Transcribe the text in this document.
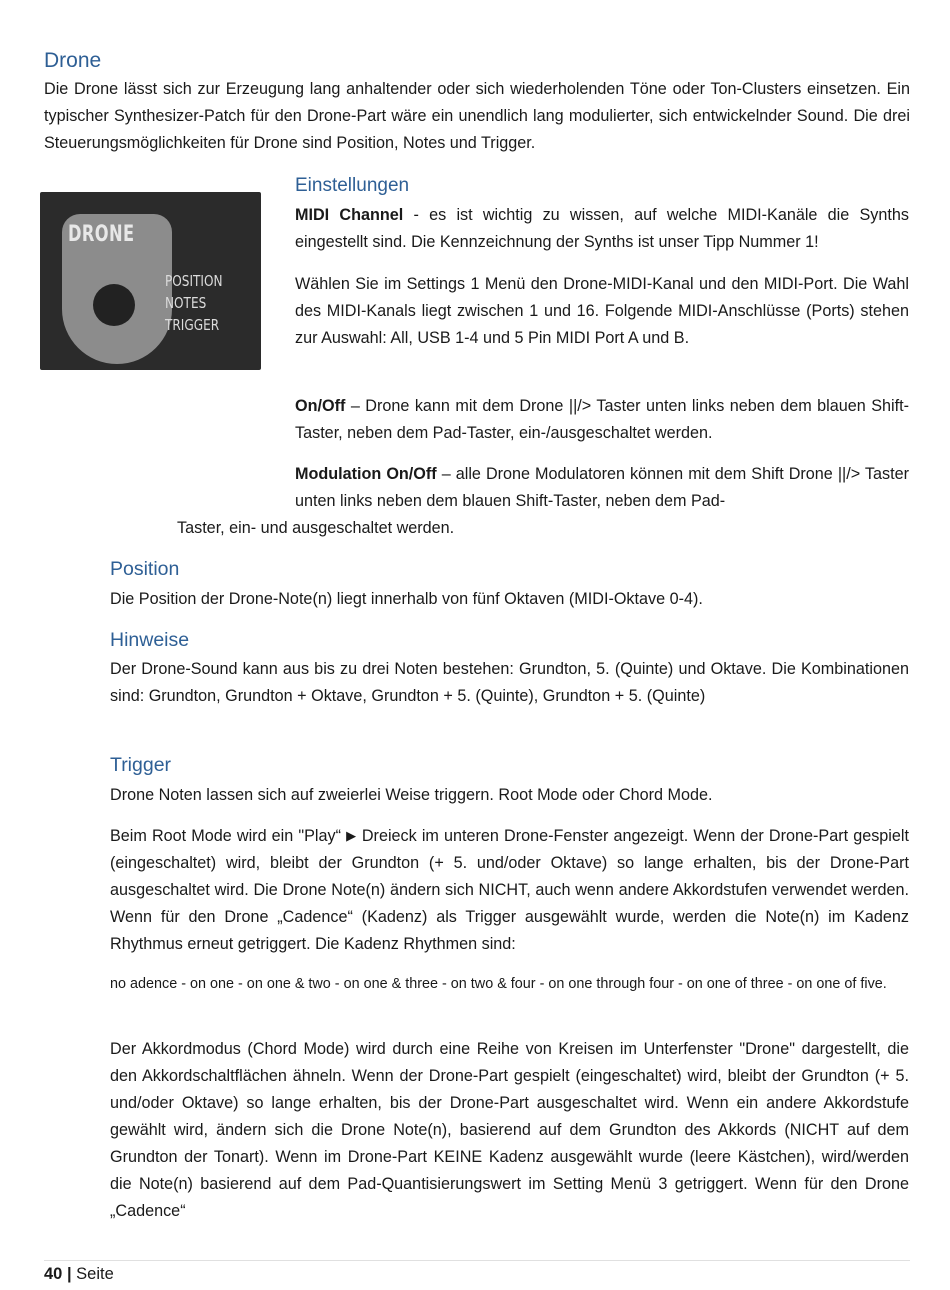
Drone

Die Drone lässt sich zur Erzeugung lang anhaltender oder sich wiederholenden Töne oder Ton-Clusters einsetzen. Ein typischer Synthesizer-Patch für den Drone-Part wäre ein unendlich lang modulierter, sich entwickelnder Sound. Die drei Steuerungsmöglichkeiten für Drone sind Position, Notes und Trigger.

DRONE
POSITION
NOTES
TRIGGER
Einstellungen

MIDI Channel - es ist wichtig zu wissen, auf welche MIDI-Kanäle die Synths eingestellt sind. Die Kennzeichnung der Synths ist unser Tipp Nummer 1!

Wählen Sie im Settings 1 Menü den Drone-MIDI-Kanal und den MIDI-Port. Die Wahl des MIDI-Kanals liegt zwischen 1 und 16. Folgende MIDI-Anschlüsse (Ports) stehen zur Auswahl: All, USB 1-4 und 5 Pin MIDI Port A und B.

On/Off – Drone kann mit dem Drone ||/> Taster unten links neben dem blauen Shift-Taster, neben dem Pad-Taster, ein-/ausgeschaltet werden.

Modulation On/Off – alle Drone Modulatoren können mit dem Shift Drone ||/> Taster unten links neben dem blauen Shift-Taster, neben dem Pad-

Taster, ein- und ausgeschaltet werden.

Position

Die Position der Drone-Note(n) liegt innerhalb von fünf Oktaven (MIDI-Oktave 0-4).

Hinweise

Der Drone-Sound kann aus bis zu drei Noten bestehen: Grundton, 5. (Quinte) und Oktave. Die Kombinationen sind: Grundton, Grundton + Oktave, Grundton + 5. (Quinte), Grundton + 5. (Quinte)

Trigger

Drone Noten lassen sich auf zweierlei Weise triggern. Root Mode oder Chord Mode.

Beim Root Mode wird ein "Play“ ▶ Dreieck im unteren Drone-Fenster angezeigt. Wenn der Drone-Part gespielt (eingeschaltet) wird, bleibt der Grundton (+ 5. und/oder Oktave) so lange erhalten, bis der Drone-Part ausgeschaltet wird. Die Drone Note(n) ändern sich NICHT, auch wenn andere Akkordstufen verwendet werden. Wenn für den Drone „Cadence“ (Kadenz) als Trigger ausgewählt wurde, werden die Note(n) im Kadenz Rhythmus erneut getriggert. Die Kadenz Rhythmen sind:

no adence - on one - on one & two - on one & three - on two & four - on one through four - on one of three - on one of five.

Der Akkordmodus (Chord Mode) wird durch eine Reihe von Kreisen im Unterfenster "Drone" dargestellt, die den Akkordschaltflächen ähneln. Wenn der Drone-Part gespielt (eingeschaltet) wird, bleibt der Grundton (+ 5. und/oder Oktave) so lange erhalten, bis der Drone-Part ausgeschaltet wird. Wenn ein andere Akkordstufe gewählt wird, ändern sich die Drone Note(n), basierend auf dem Grundton des Akkords (NICHT auf dem Grundton der Tonart). Wenn im Drone-Part KEINE Kadenz ausgewählt wurde (leere Kästchen), wird/werden die Note(n) basierend auf dem Pad-Quantisierungswert im Setting Menü 3 getriggert. Wenn für den Drone „Cadence“

40 | Seite
